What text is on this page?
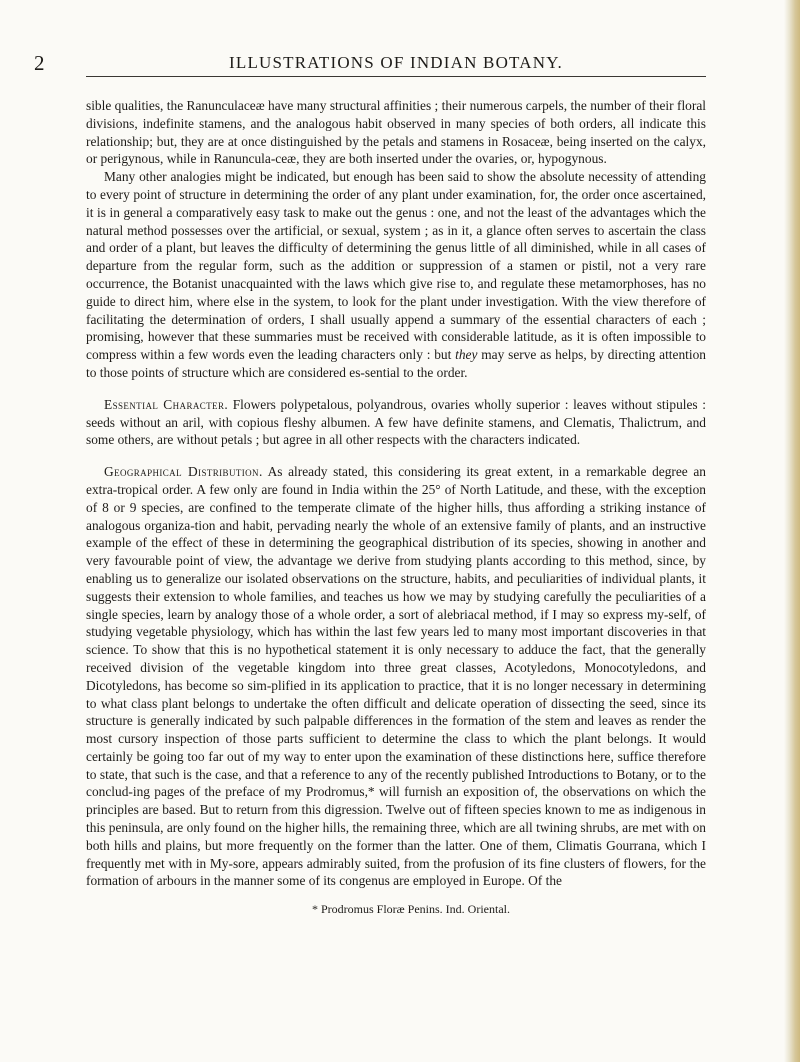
2	ILLUSTRATIONS OF INDIAN BOTANY.

sible qualities, the Ranunculaceæ have many structural affinities ; their numerous carpels, the number of their floral divisions, indefinite stamens, and the analogous habit observed in many species of both orders, all indicate this relationship; but, they are at once distinguished by the petals and stamens in Rosaceæ, being inserted on the calyx, or perigynous, while in Ranuncula-ceæ, they are both inserted under the ovaries, or, hypogynous.

Many other analogies might be indicated, but enough has been said to show the absolute necessity of attending to every point of structure in determining the order of any plant under examination, for, the order once ascertained, it is in general a comparatively easy task to make out the genus : one, and not the least of the advantages which the natural method possesses over the artificial, or sexual, system ; as in it, a glance often serves to ascertain the class and order of a plant, but leaves the difficulty of determining the genus little of all diminished, while in all cases of departure from the regular form, such as the addition or suppression of a stamen or pistil, not a very rare occurrence, the Botanist unacquainted with the laws which give rise to, and regulate these metamorphoses, has no guide to direct him, where else in the system, to look for the plant under investigation. With the view therefore of facilitating the determination of orders, I shall usually append a summary of the essential characters of each ; promising, however that these summaries must be received with considerable latitude, as it is often impossible to compress within a few words even the leading characters only : but they may serve as helps, by directing attention to those points of structure which are considered es-sential to the order.

Essential Character. Flowers polypetalous, polyandrous, ovaries wholly superior : leaves without stipules : seeds without an aril, with copious fleshy albumen. A few have definite stamens, and Clematis, Thalictrum, and some others, are without petals ; but agree in all other respects with the characters indicated.

Geographical Distribution. As already stated, this considering its great extent, in a remarkable degree an extra-tropical order. A few only are found in India within the 25° of North Latitude, and these, with the exception of 8 or 9 species, are confined to the temperate climate of the higher hills, thus affording a striking instance of analogous organiza-tion and habit, pervading nearly the whole of an extensive family of plants, and an instructive example of the effect of these in determining the geographical distribution of its species, showing in another and very favourable point of view, the advantage we derive from studying plants according to this method, since, by enabling us to generalize our isolated observations on the structure, habits, and peculiarities of individual plants, it suggests their extension to whole families, and teaches us how we may by studying carefully the peculiarities of a single species, learn by analogy those of a whole order, a sort of alebriacal method, if I may so express my-self, of studying vegetable physiology, which has within the last few years led to many most important discoveries in that science. To show that this is no hypothetical statement it is only necessary to adduce the fact, that the generally received division of the vegetable kingdom into three great classes, Acotyledons, Monocotyledons, and Dicotyledons, has become so sim-plified in its application to practice, that it is no longer necessary in determining to what class plant belongs to undertake the often difficult and delicate operation of dissecting the seed, since its structure is generally indicated by such palpable differences in the formation of the stem and leaves as render the most cursory inspection of those parts sufficient to determine the class to which the plant belongs. It would certainly be going too far out of my way to enter upon the examination of these distinctions here, suffice therefore to state, that such is the case, and that a reference to any of the recently published Introductions to Botany, or to the conclud-ing pages of the preface of my Prodromus,* will furnish an exposition of, the observations on which the principles are based. But to return from this digression. Twelve out of fifteen species known to me as indigenous in this peninsula, are only found on the higher hills, the remaining three, which are all twining shrubs, are met with on both hills and plains, but more frequently on the former than the latter. One of them, Climatis Gourrana, which I frequently met with in My-sore, appears admirably suited, from the profusion of its fine clusters of flowers, for the formation of arbours in the manner some of its congenus are employed in Europe. Of the

* Prodromus Floræ Penins. Ind. Oriental.
